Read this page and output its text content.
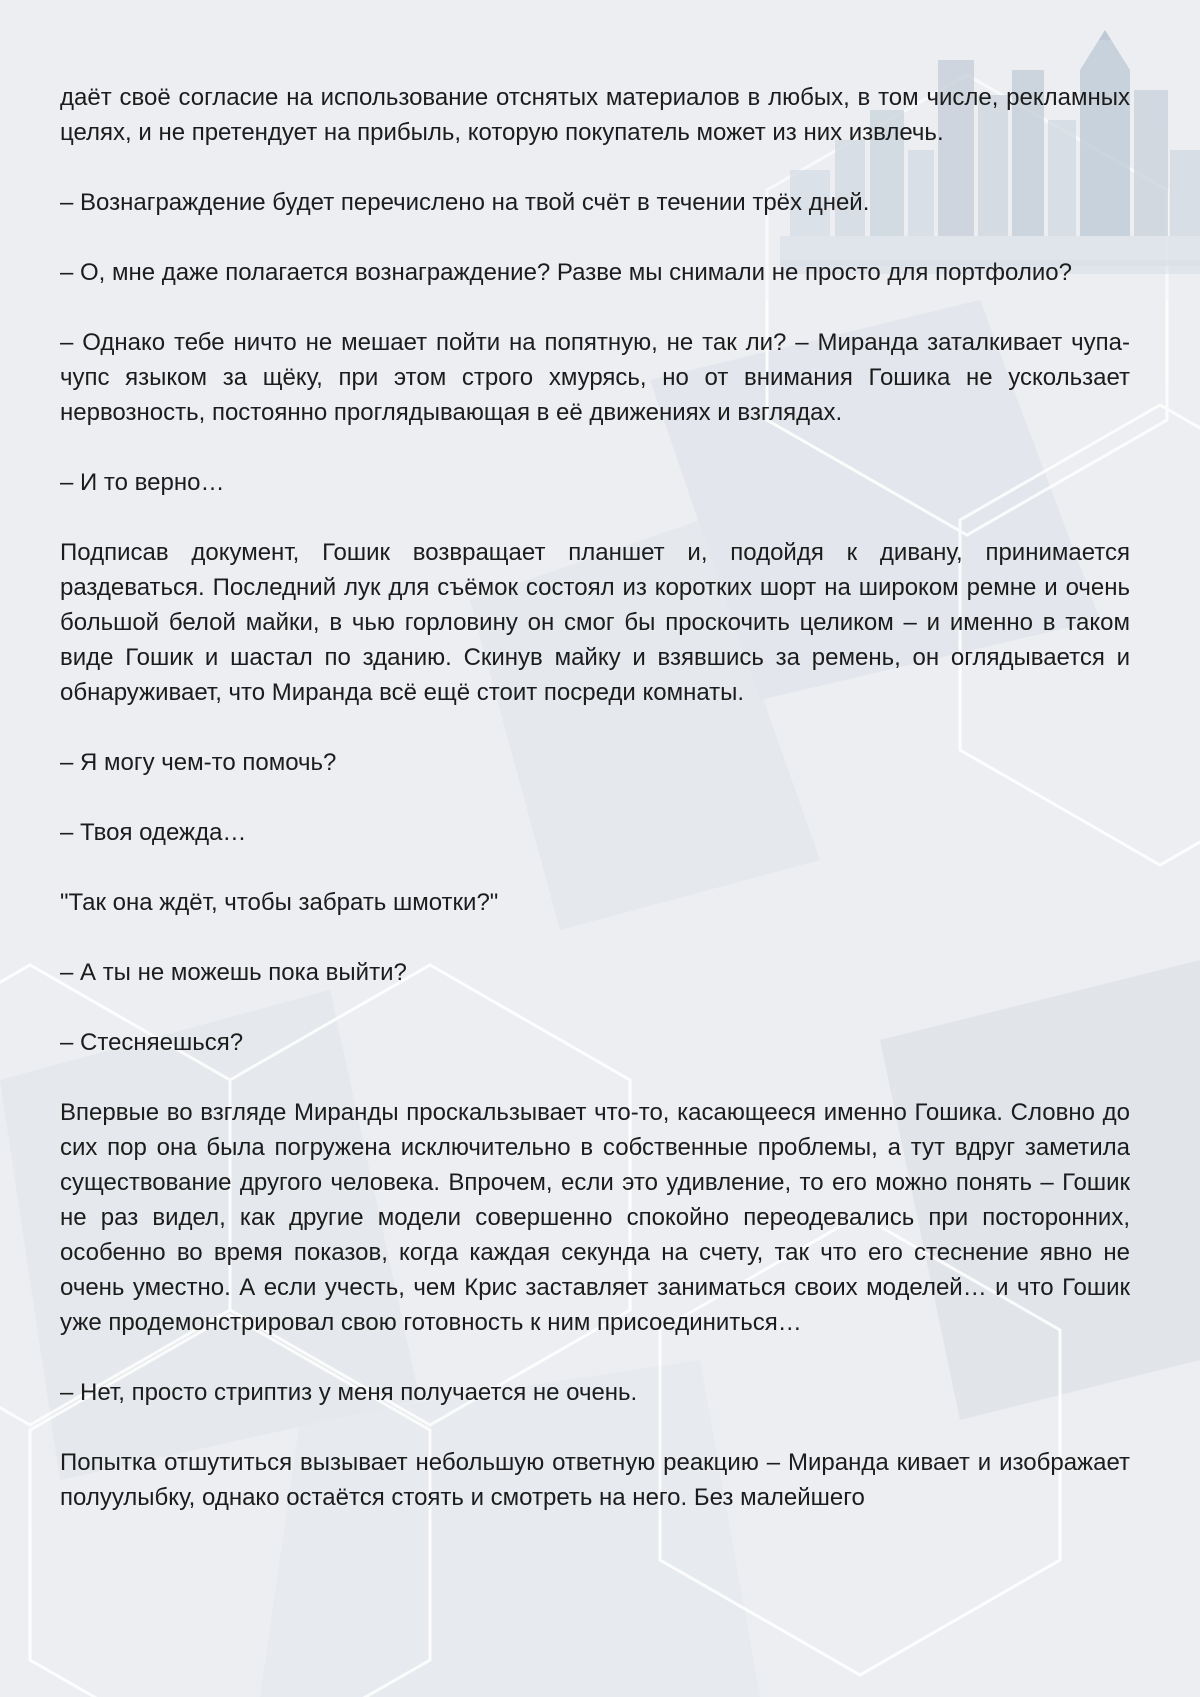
даёт своё согласие на использование отснятых материалов в любых, в том числе, рекламных целях, и не претендует на прибыль, которую покупатель может из них извлечь.

– Вознаграждение будет перечислено на твой счёт в течении трёх дней.

– О, мне даже полагается вознаграждение? Разве мы снимали не просто для портфолио?

– Однако тебе ничто не мешает пойти на попятную, не так ли? – Миранда заталкивает чупа-чупс языком за щёку, при этом строго хмурясь, но от внимания Гошика не ускользает нервозность, постоянно проглядывающая в её движениях и взглядах.

– И то верно…

Подписав документ, Гошик возвращает планшет и, подойдя к дивану, принимается раздеваться. Последний лук для съёмок состоял из коротких шорт на широком ремне и очень большой белой майки, в чью горловину он смог бы проскочить целиком – и именно в таком виде Гошик и шастал по зданию. Скинув майку и взявшись за ремень, он оглядывается и обнаруживает, что Миранда всё ещё стоит посреди комнаты.

– Я могу чем-то помочь?

– Твоя одежда…

"Так она ждёт, чтобы забрать шмотки?"

– А ты не можешь пока выйти?

– Стесняешься?

Впервые во взгляде Миранды проскальзывает что-то, касающееся именно Гошика. Словно до сих пор она была погружена исключительно в собственные проблемы, а тут вдруг заметила существование другого человека. Впрочем, если это удивление, то его можно понять – Гошик не раз видел, как другие модели совершенно спокойно переодевались при посторонних, особенно во время показов, когда каждая секунда на счету, так что его стеснение явно не очень уместно. А если учесть, чем Крис заставляет заниматься своих моделей… и что Гошик уже продемонстрировал свою готовность к ним присоединиться…

– Нет, просто стриптиз у меня получается не очень.

Попытка отшутиться вызывает небольшую ответную реакцию – Миранда кивает и изображает полуулыбку, однако остаётся стоять и смотреть на него. Без малейшего
